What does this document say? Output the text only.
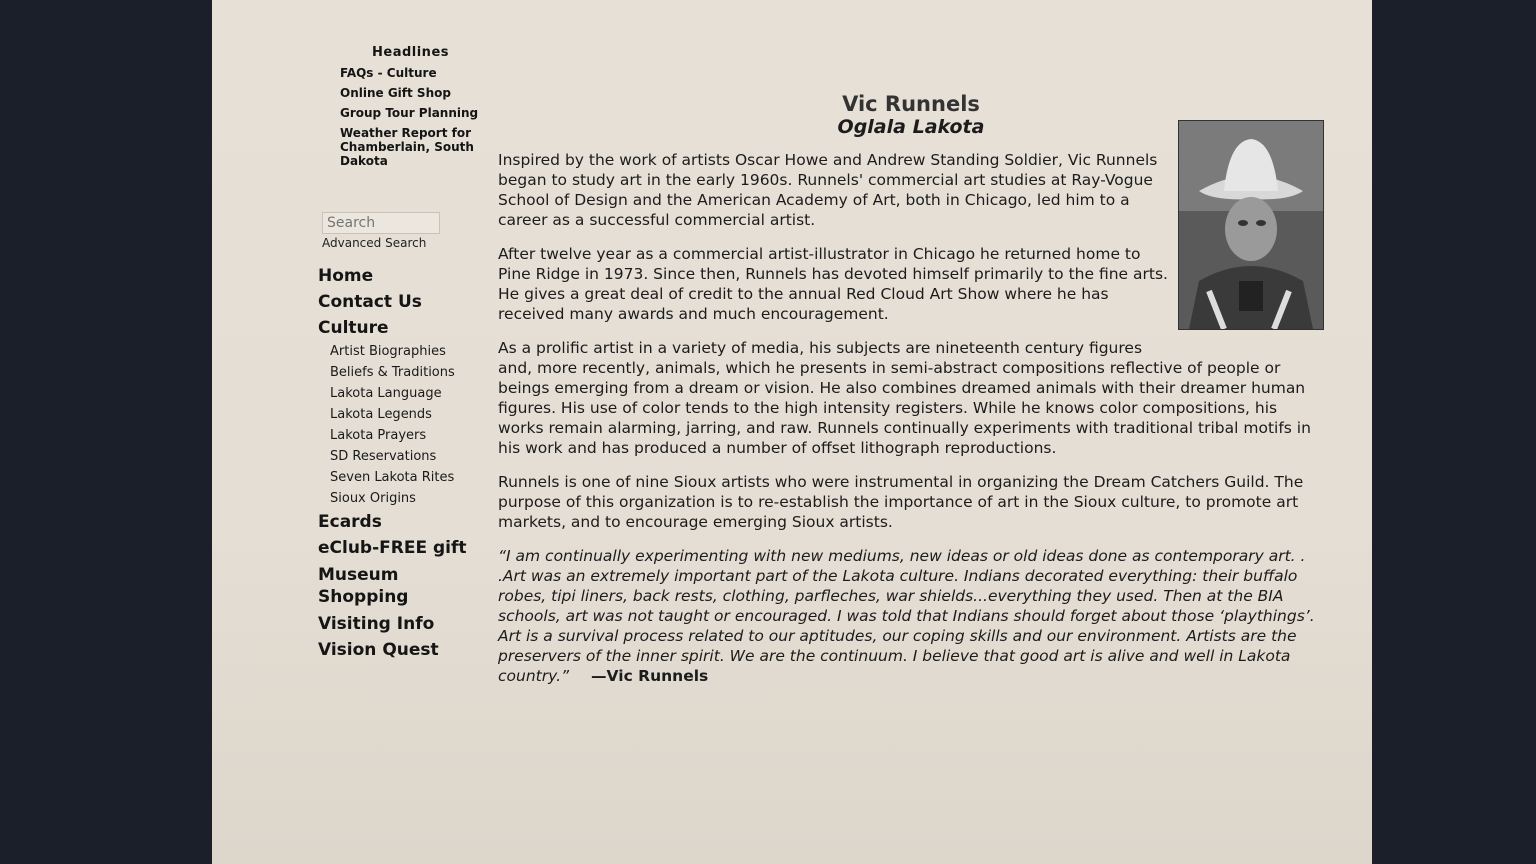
Headlines
FAQs - Culture
Online Gift Shop
Group Tour Planning
Weather Report for Chamberlain, South Dakota
Search
Advanced Search
Home
Contact Us
Culture
Artist Biographies
Beliefs & Traditions
Lakota Language
Lakota Legends
Lakota Prayers
SD Reservations
Seven Lakota Rites
Sioux Origins
Ecards
eClub-FREE gift
Museum Shopping
Visiting Info
Vision Quest
Vic Runnels
Oglala Lakota

Inspired by the work of artists Oscar Howe and Andrew Standing Soldier, Vic Runnels began to study art in the early 1960s. Runnels' commercial art studies at Ray-Vogue School of Design and the American Academy of Art, both in Chicago, led him to a career as a successful commercial artist.

After twelve year as a commercial artist-illustrator in Chicago he returned home to Pine Ridge in 1973. Since then, Runnels has devoted himself primarily to the fine arts. He gives a great deal of credit to the annual Red Cloud Art Show where he has received many awards and much encouragement.

As a prolific artist in a variety of media, his subjects are nineteenth century figures and, more recently, animals, which he presents in semi-abstract compositions reflective of people or beings emerging from a dream or vision. He also combines dreamed animals with their dreamer human figures. His use of color tends to the high intensity registers. While he knows color compositions, his works remain alarming, jarring, and raw. Runnels continually experiments with traditional tribal motifs in his work and has produced a number of offset lithograph reproductions.

Runnels is one of nine Sioux artists who were instrumental in organizing the Dream Catchers Guild. The purpose of this organization is to re-establish the importance of art in the Sioux culture, to promote art markets, and to encourage emerging Sioux artists.

“I am continually experimenting with new mediums, new ideas or old ideas done as contemporary art. . .Art was an extremely important part of the Lakota culture. Indians decorated everything: their buffalo robes, tipi liners, back rests, clothing, parfleches, war shields...everything they used. Then at the BIA schools, art was not taught or encouraged. I was told that Indians should forget about those ‘playthings’. Art is a survival process related to our aptitudes, our coping skills and our environment. Artists are the preservers of the inner spirit. We are the continuum. I believe that good art is alive and well in Lakota country.” —Vic Runnels
